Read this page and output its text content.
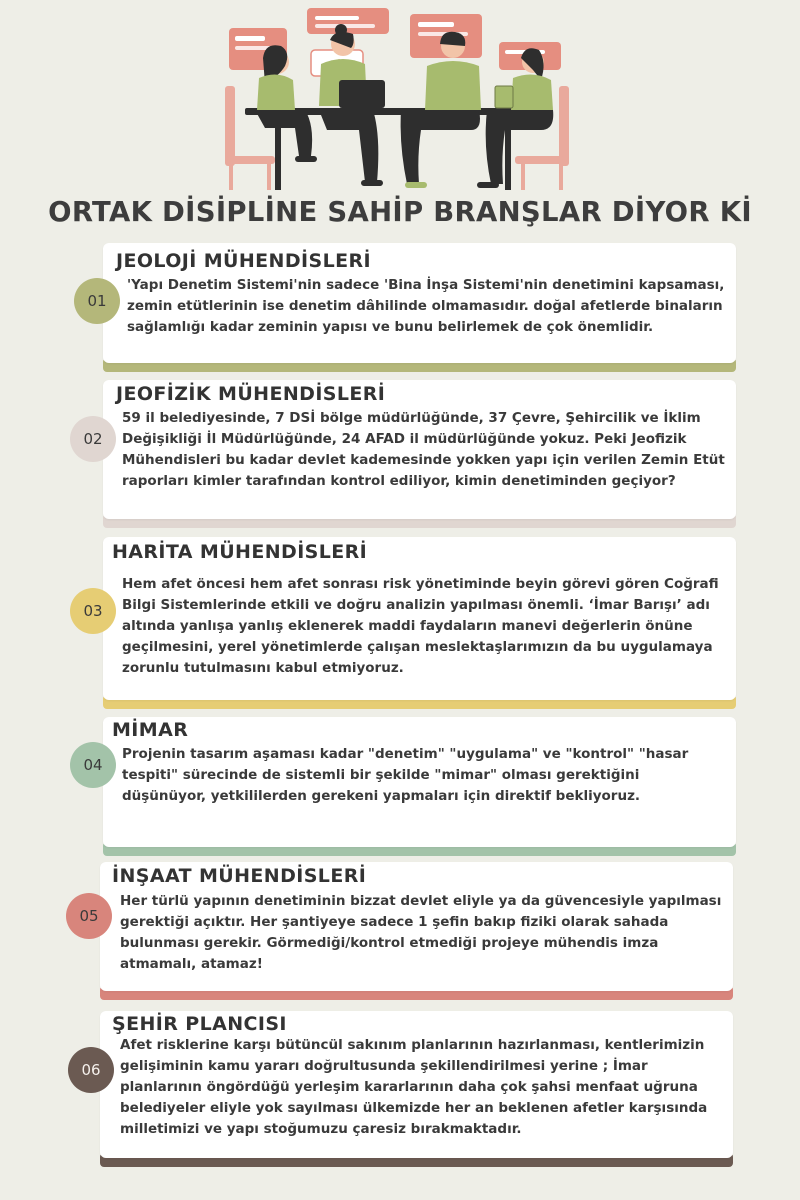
ORTAK DİSİPLİNE SAHİP BRANŞLAR DİYOR Kİ
01
JEOLOJİ MÜHENDİSLERİ

'Yapı Denetim Sistemi'nin sadece 'Bina İnşa Sistemi'nin denetimini kapsaması, zemin etütlerinin ise denetim dâhilinde olmamasıdır. doğal afetlerde binaların sağlamlığı kadar zeminin yapısı ve bunu belirlemek de çok önemlidir.

02
JEOFİZİK MÜHENDİSLERİ

59 il belediyesinde, 7 DSİ bölge müdürlüğünde, 37 Çevre, Şehircilik ve İklim Değişikliği İl Müdürlüğünde, 24 AFAD il müdürlüğünde yokuz. Peki Jeofizik Mühendisleri bu kadar devlet kademesinde yokken yapı için verilen Zemin Etüt raporları kimler tarafından kontrol ediliyor, kimin denetiminden geçiyor?

03
HARİTA MÜHENDİSLERİ

Hem afet öncesi hem afet sonrası risk yönetiminde beyin görevi gören Coğrafi Bilgi Sistemlerinde etkili ve doğru analizin yapılması önemli. ‘İmar Barışı’ adı altında yanlışa yanlış eklenerek maddi faydaların manevi değerlerin önüne geçilmesini, yerel yönetimlerde çalışan meslektaşlarımızın da bu uygulamaya zorunlu tutulmasını kabul etmiyoruz.

04
MİMAR

Projenin tasarım aşaması kadar "denetim" "uygulama" ve "kontrol" "hasar tespiti" sürecinde de sistemli bir şekilde "mimar" olması gerektiğini düşünüyor, yetkililerden gerekeni yapmaları için direktif bekliyoruz.

05
İNŞAAT MÜHENDİSLERİ

Her türlü yapının denetiminin bizzat devlet eliyle ya da güvencesiyle yapılması gerektiği açıktır. Her şantiyeye sadece 1 şefin bakıp fiziki olarak sahada bulunması gerekir. Görmediği/kontrol etmediği projeye mühendis imza atmamalı, atamaz!

06
ŞEHİR PLANCISI

Afet risklerine karşı bütüncül sakınım planlarının hazırlanması, kentlerimizin gelişiminin kamu yararı doğrultusunda şekillendirilmesi yerine ; İmar planlarının öngördüğü yerleşim kararlarının daha çok şahsi menfaat uğruna belediyeler eliyle yok sayılması ülkemizde her an beklenen afetler karşısında milletimizi ve yapı stoğumuzu çaresiz bırakmaktadır.
